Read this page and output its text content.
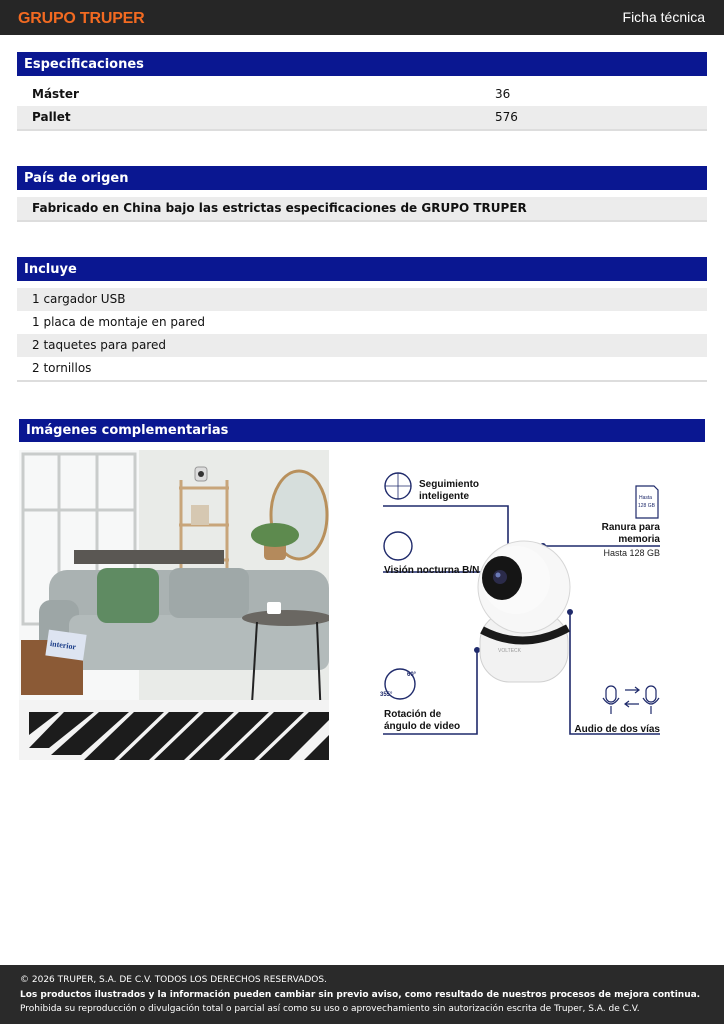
GRUPO TRUPER	Ficha técnica
Especificaciones
Máster	36
Pallet	576
País de origen
Fabricado en China bajo las estrictas especificaciones de GRUPO TRUPER
Incluye
1 cargador USB
1 placa de montaje en pared
2 taquetes para pared
2 tornillos
Imágenes complementarias
interior	VOLTECK
Seguimiento
inteligente
Visión nocturna B/N
60°
355°
Rotación de
ángulo de video
Hasta
128 GB
Ranura para
memoria
Hasta 128 GB
Audio de dos vías
© 2026 TRUPER, S.A. DE C.V. TODOS LOS DERECHOS RESERVADOS.
Los productos ilustrados y la información pueden cambiar sin previo aviso, como resultado de nuestros procesos de mejora continua.
Prohibida su reproducción o divulgación total o parcial así como su uso o aprovechamiento sin autorización escrita de Truper, S.A. de C.V.
